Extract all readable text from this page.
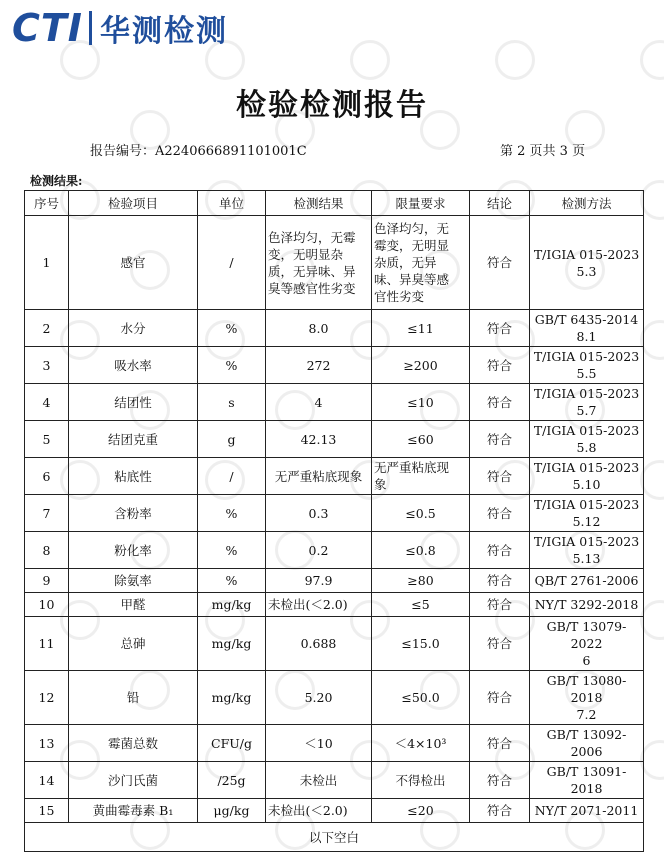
CTI 华测检测
检验检测报告
报告编号：A2240666891101001C	第 2 页共 3 页
检测结果:
序号	检验项目	单位	检测结果	限量要求	结论	检测方法
1	感官	/	色泽均匀，无霉
变，无明显杂
质，无异味、异
臭等感官性劣变	色泽均匀，无
霉变，无明显
杂质，无异
味、异臭等感
官性劣变	符合	T/IGIA 015-2023
5.3
2	水分	%	8.0	≤11	符合	GB/T 6435-2014
8.1
3	吸水率	%	272	≥200	符合	T/IGIA 015-2023
5.5
4	结团性	s	4	≤10	符合	T/IGIA 015-2023
5.7
5	结团克重	g	42.13	≤60	符合	T/IGIA 015-2023
5.8
6	粘底性	/	无严重粘底现象	无严重粘底现
象	符合	T/IGIA 015-2023
5.10
7	含粉率	%	0.3	≤0.5	符合	T/IGIA 015-2023
5.12
8	粉化率	%	0.2	≤0.8	符合	T/IGIA 015-2023
5.13
9	除氨率	%	97.9	≥80	符合	QB/T 2761-2006
10	甲醛	mg/kg	未检出(＜2.0)	≤5	符合	NY/T 3292-2018
11	总砷	mg/kg	0.688	≤15.0	符合	GB/T 13079-2022
6
12	铅	mg/kg	5.20	≤50.0	符合	GB/T 13080-2018
7.2
13	霉菌总数	CFU/g	＜10	＜4×10³	符合	GB/T 13092-2006
14	沙门氏菌	/25g	未检出	不得检出	符合	GB/T 13091-2018
15	黄曲霉毒素 B₁	μg/kg	未检出(＜2.0)	≤20	符合	NY/T 2071-2011
以下空白						
